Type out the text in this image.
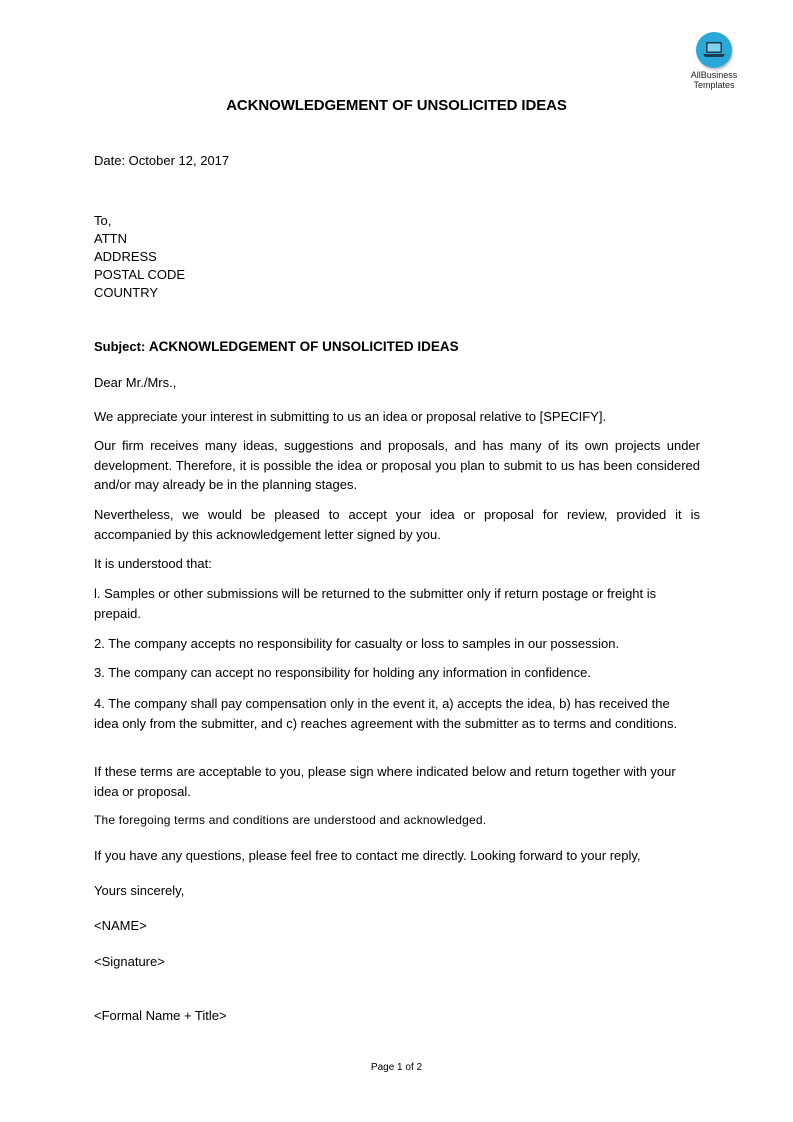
AllBusiness
Templates
ACKNOWLEDGEMENT OF UNSOLICITED IDEAS
Date: October 12, 2017
To,
ATTN
ADDRESS
POSTAL CODE
COUNTRY
Subject: ACKNOWLEDGEMENT OF UNSOLICITED IDEAS
Dear Mr./Mrs.,
We appreciate your interest in submitting to us an idea or proposal relative to [SPECIFY].
Our firm receives many ideas, suggestions and proposals, and has many of its own projects under development. Therefore, it is possible the idea or proposal you plan to submit to us has been considered and/or may already be in the planning stages.
Nevertheless, we would be pleased to accept your idea or proposal for review, provided it is accompanied by this acknowledgement letter signed by you.
It is understood that:
l. Samples or other submissions will be returned to the submitter only if return postage or freight is prepaid.
2. The company accepts no responsibility for casualty or loss to samples in our possession.
3. The company can accept no responsibility for holding any information in confidence.
4. The company shall pay compensation only in the event it, a) accepts the idea, b) has received the idea only from the submitter, and c) reaches agreement with the submitter as to terms and conditions.
If these terms are acceptable to you, please sign where indicated below and return together with your idea or proposal.
The foregoing terms and conditions are understood and acknowledged.
If you have any questions, please feel free to contact me directly. Looking forward to your reply,
Yours sincerely,
<NAME>
<Signature>
<Formal Name + Title>
Page 1 of 2
